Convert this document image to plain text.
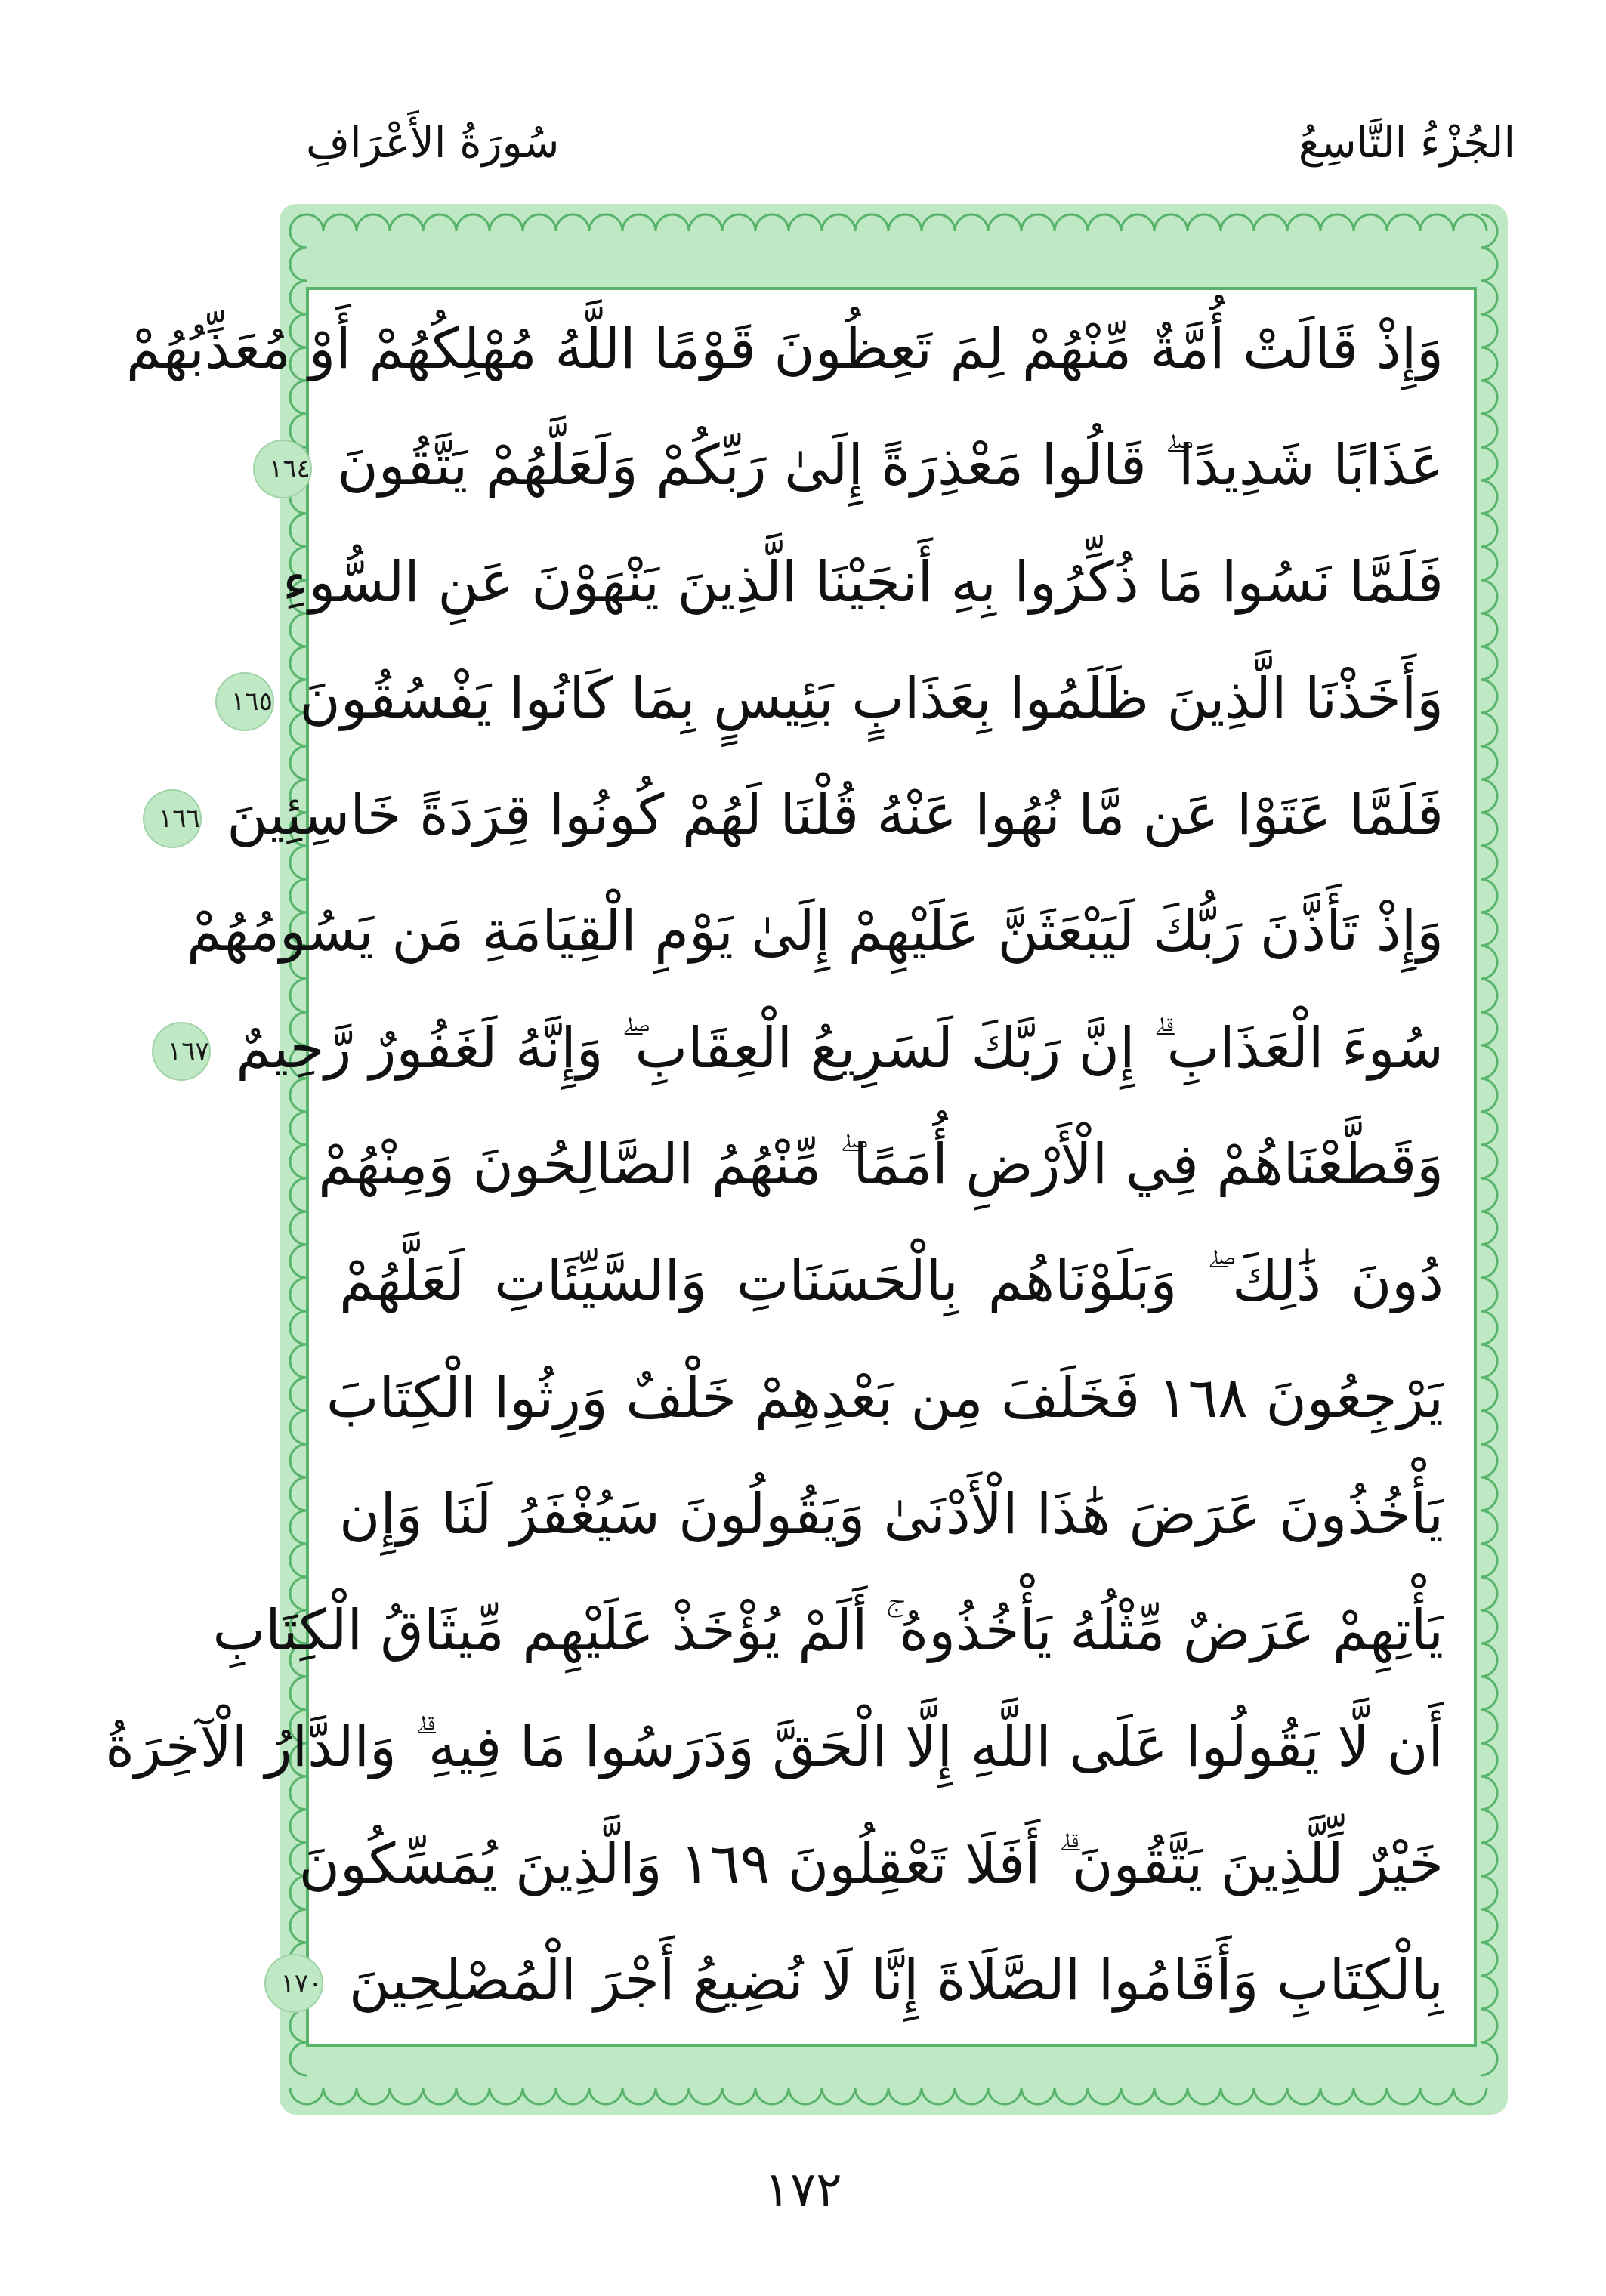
الجُزْءُ التَّاسِعُ
سُورَةُ الأَعْرَافِ
وَإِذْ قَالَتْ أُمَّةٌ مِّنْهُمْ لِمَ تَعِظُونَ قَوْمًا اللَّهُ مُهْلِكُهُمْ أَوْ مُعَذِّبُهُمْ
عَذَابًا شَدِيدًا ۖ قَالُوا مَعْذِرَةً إِلَىٰ رَبِّكُمْ وَلَعَلَّهُمْ يَتَّقُونَ ١٦٤
فَلَمَّا نَسُوا مَا ذُكِّرُوا بِهِ أَنجَيْنَا الَّذِينَ يَنْهَوْنَ عَنِ السُّوءِ
وَأَخَذْنَا الَّذِينَ ظَلَمُوا بِعَذَابٍ بَئِيسٍ بِمَا كَانُوا يَفْسُقُونَ ١٦٥
فَلَمَّا عَتَوْا عَن مَّا نُهُوا عَنْهُ قُلْنَا لَهُمْ كُونُوا قِرَدَةً خَاسِئِينَ ١٦٦
وَإِذْ تَأَذَّنَ رَبُّكَ لَيَبْعَثَنَّ عَلَيْهِمْ إِلَىٰ يَوْمِ الْقِيَامَةِ مَن يَسُومُهُمْ
سُوءَ الْعَذَابِ ۗ إِنَّ رَبَّكَ لَسَرِيعُ الْعِقَابِ ۖ وَإِنَّهُ لَغَفُورٌ رَّحِيمٌ ١٦٧
وَقَطَّعْنَاهُمْ فِي الْأَرْضِ أُمَمًا ۖ مِّنْهُمُ الصَّالِحُونَ وَمِنْهُمْ
دُونَ ذَٰلِكَ ۖ وَبَلَوْنَاهُم بِالْحَسَنَاتِ وَالسَّيِّئَاتِ لَعَلَّهُمْ
يَرْجِعُونَ ١٦٨ فَخَلَفَ مِن بَعْدِهِمْ خَلْفٌ وَرِثُوا الْكِتَابَ
يَأْخُذُونَ عَرَضَ هَٰذَا الْأَدْنَىٰ وَيَقُولُونَ سَيُغْفَرُ لَنَا وَإِن
يَأْتِهِمْ عَرَضٌ مِّثْلُهُ يَأْخُذُوهُ ۚ أَلَمْ يُؤْخَذْ عَلَيْهِم مِّيثَاقُ الْكِتَابِ
أَن لَّا يَقُولُوا عَلَى اللَّهِ إِلَّا الْحَقَّ وَدَرَسُوا مَا فِيهِ ۗ وَالدَّارُ الْآخِرَةُ
خَيْرٌ لِّلَّذِينَ يَتَّقُونَ ۗ أَفَلَا تَعْقِلُونَ ١٦٩ وَالَّذِينَ يُمَسِّكُونَ
بِالْكِتَابِ وَأَقَامُوا الصَّلَاةَ إِنَّا لَا نُضِيعُ أَجْرَ الْمُصْلِحِينَ ١٧٠
١٧٢
